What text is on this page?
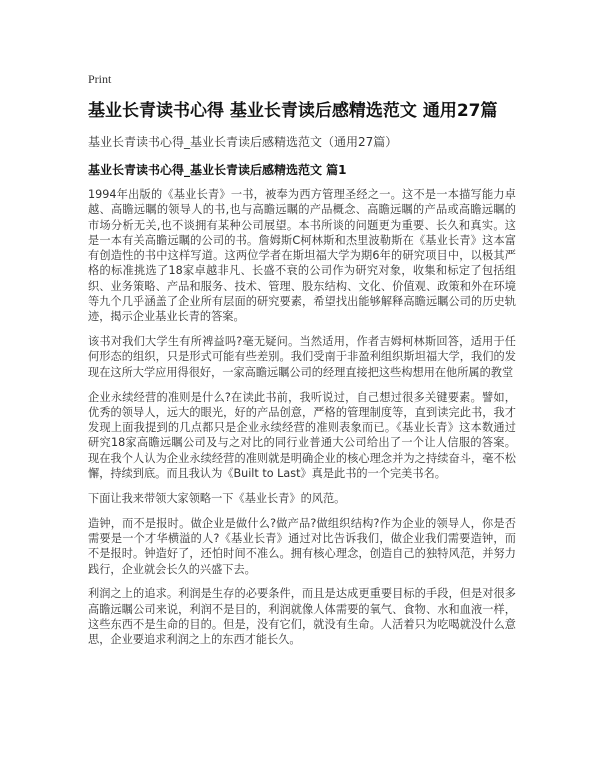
Print
基业长青读书心得 基业长青读后感精选范文 通用27篇
基业长青读书心得_基业长青读后感精选范文（通用27篇）
基业长青读书心得_基业长青读后感精选范文 篇1

1994年出版的《基业长青》一书，被奉为西方管理圣经之一。这不是一本描写能力卓越、高瞻远瞩的领导人的书,也与高瞻远瞩的产品概念、高瞻远瞩的产品或高瞻远瞩的市场分析无关,也不谈拥有某种公司展望。本书所谈的问题更为重要、长久和真实。这是一本有关高瞻远瞩的公司的书。詹姆斯C柯林斯和杰里波勒斯在《基业长青》这本富有创造性的书中这样写道。这两位学者在斯坦福大学为期6年的研究项目中，以极其严格的标准挑选了18家卓越非凡、长盛不衰的公司作为研究对象，收集和标定了包括组织、业务策略、产品和服务、技术、管理、股东结构、文化、价值观、政策和外在环境等九个几乎涵盖了企业所有层面的研究要素，希望找出能够解释高瞻远瞩公司的历史轨迹，揭示企业基业长青的答案。

该书对我们大学生有所裨益吗?毫无疑问。当然适用，作者吉姆柯林斯回答，适用于任何形态的组织，只是形式可能有些差别。我们受南于非盈利组织斯坦福大学，我们的发现在这所大学应用得很好，一家高瞻远瞩公司的经理直接把这些构想用在他所属的教堂

企业永续经营的准则是什么?在读此书前，我听说过，自己想过很多关键要素。譬如，优秀的领导人，远大的眼光，好的产品创意，严格的管理制度等，直到读完此书，我才发现上面我提到的几点都只是企业永续经营的准则表象而已。《基业长青》这本数通过研究18家高瞻远瞩公司及与之对比的同行业普通大公司给出了一个让人信服的答案。现在我个人认为企业永续经营的准则就是明确企业的核心理念并为之持续奋斗，毫不松懈，持续到底。而且我认为《Built to Last》真是此书的一个完美书名。

下面让我来带领大家领略一下《基业长青》的风范。

造钟，而不是报时。做企业是做什么?做产品?做组织结构?作为企业的领导人，你是否需要是一个才华横溢的人?《基业长青》通过对比告诉我们，做企业我们需要造钟，而不是报时。钟造好了，还怕时间不准么。拥有核心理念，创造自己的独特风范，并努力践行，企业就会长久的兴盛下去。

利润之上的追求。利润是生存的必要条件，而且是达成更重要目标的手段，但是对很多高瞻远瞩公司来说，利润不是目的，利润就像人体需要的氧气、食物、水和血液一样，这些东西不是生命的目的。但是，没有它们，就没有生命。人活着只为吃喝就没什么意思，企业要追求利润之上的东西才能长久。
